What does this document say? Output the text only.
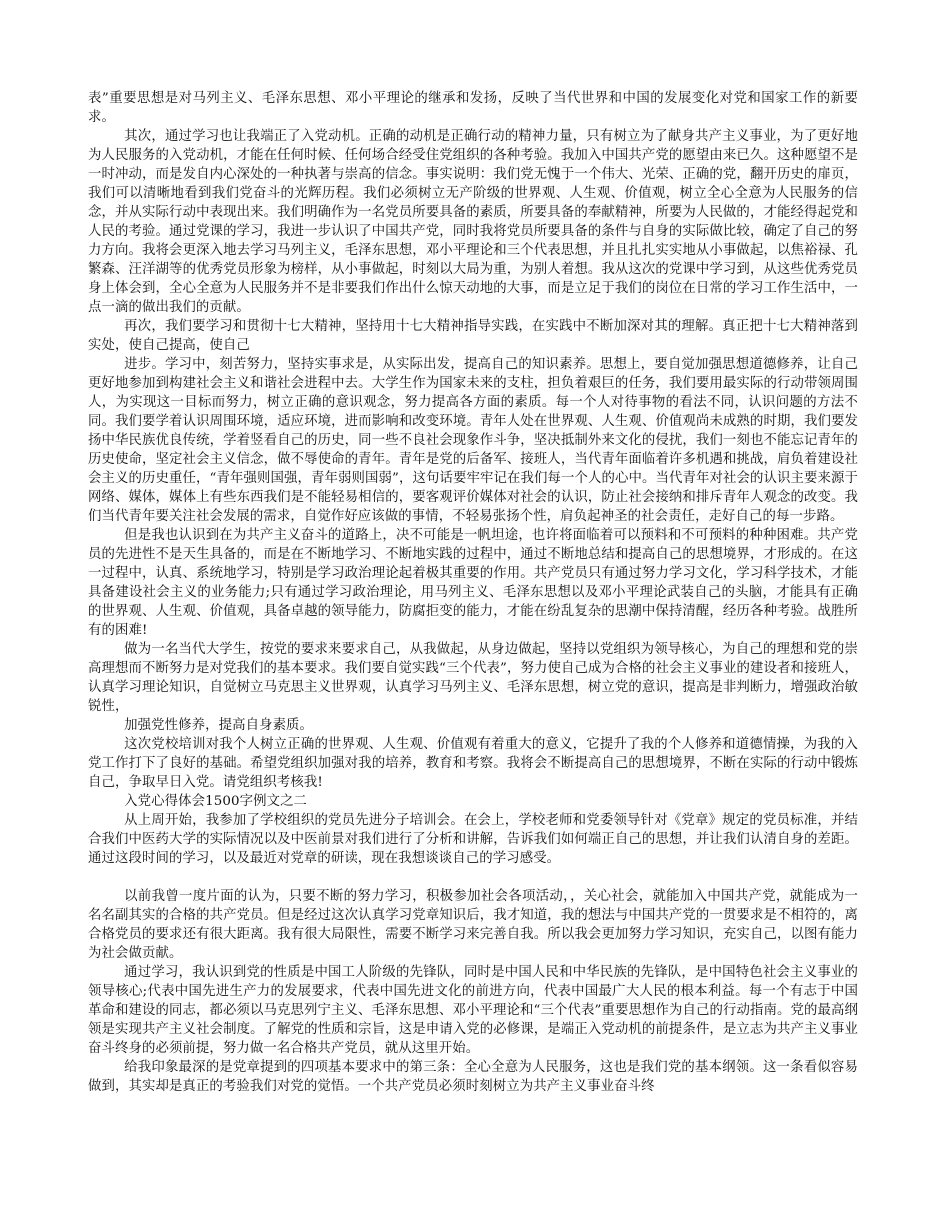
表”重要思想是对马列主义、毛泽东思想、邓小平理论的继承和发扬，反映了当代世界和中国的发展变化对党和国家工作的新要求。

其次，通过学习也让我端正了入党动机。正确的动机是正确行动的精神力量，只有树立为了献身共产主义事业，为了更好地为人民服务的入党动机，才能在任何时候、任何场合经受住党组织的各种考验。我加入中国共产党的愿望由来已久。这种愿望不是一时冲动，而是发自内心深处的一种执著与崇高的信念。事实说明：我们党无愧于一个伟大、光荣、正确的党，翻开历史的扉页，我们可以清晰地看到我们党奋斗的光辉历程。我们必须树立无产阶级的世界观、人生观、价值观，树立全心全意为人民服务的信念，并从实际行动中表现出来。我们明确作为一名党员所要具备的素质，所要具备的奉献精神，所要为人民做的，才能经得起党和人民的考验。通过党课的学习，我进一步认识了中国共产党，同时我将党员所要具备的条件与自身的实际做比较，确定了自己的努力方向。我将会更深入地去学习马列主义，毛泽东思想，邓小平理论和三个代表思想，并且扎扎实实地从小事做起，以焦裕禄、孔繁森、汪洋湖等的优秀党员形象为榜样，从小事做起，时刻以大局为重，为别人着想。我从这次的党课中学习到，从这些优秀党员身上体会到，全心全意为人民服务并不是非要我们作出什么惊天动地的大事，而是立足于我们的岗位在日常的学习工作生活中，一点一滴的做出我们的贡献。

再次，我们要学习和贯彻十七大精神，坚持用十七大精神指导实践，在实践中不断加深对其的理解。真正把十七大精神落到实处，使自己提高，使自己

进步。学习中，刻苦努力，坚持实事求是，从实际出发，提高自己的知识素养。思想上，要自觉加强思想道德修养，让自己更好地参加到构建社会主义和谐社会进程中去。大学生作为国家未来的支柱，担负着艰巨的任务，我们要用最实际的行动带领周围人，为实现这一目标而努力，树立正确的意识观念，努力提高各方面的素质。每一个人对待事物的看法不同，认识问题的方法不同。我们要学着认识周围环境，适应环境，进而影响和改变环境。青年人处在世界观、人生观、价值观尚未成熟的时期，我们要发扬中华民族优良传统，学着竖看自己的历史，同一些不良社会现象作斗争，坚决抵制外来文化的侵扰，我们一刻也不能忘记青年的历史使命，坚定社会主义信念，做不辱使命的青年。青年是党的后备军、接班人，当代青年面临着许多机遇和挑战，肩负着建设社会主义的历史重任，“青年强则国强，青年弱则国弱”，这句话要牢牢记在我们每一个人的心中。当代青年对社会的认识主要来源于网络、媒体，媒体上有些东西我们是不能轻易相信的，要客观评价媒体对社会的认识，防止社会接纳和排斥青年人观念的改变。我们当代青年要关注社会发展的需求，自觉作好应该做的事情，不轻易张扬个性，肩负起神圣的社会责任，走好自己的每一步路。

但是我也认识到在为共产主义奋斗的道路上，决不可能是一帆坦途，也许将面临着可以预料和不可预料的种种困难。共产党员的先进性不是天生具备的，而是在不断地学习、不断地实践的过程中，通过不断地总结和提高自己的思想境界，才形成的。在这一过程中，认真、系统地学习，特别是学习政治理论起着极其重要的作用。共产党员只有通过努力学习文化，学习科学技术，才能具备建设社会主义的业务能力;只有通过学习政治理论，用马列主义、毛泽东思想以及邓小平理论武装自己的头脑，才能具有正确的世界观、人生观、价值观，具备卓越的领导能力，防腐拒变的能力，才能在纷乱复杂的思潮中保持清醒，经历各种考验。战胜所有的困难!

做为一名当代大学生，按党的要求来要求自己，从我做起，从身边做起，坚持以党组织为领导核心，为自己的理想和党的崇高理想而不断努力是对党我们的基本要求。我们要自觉实践“三个代表”，努力使自己成为合格的社会主义事业的建设者和接班人，认真学习理论知识，自觉树立马克思主义世界观，认真学习马列主义、毛泽东思想，树立党的意识，提高是非判断力，增强政治敏锐性，

加强党性修养，提高自身素质。

这次党校培训对我个人树立正确的世界观、人生观、价值观有着重大的意义，它提升了我的个人修养和道德情操，为我的入党工作打下了良好的基础。希望党组织加强对我的培养，教育和考察。我将会不断提高自己的思想境界，不断在实际的行动中锻炼自己，争取早日入党。请党组织考核我!

入党心得体会1500字例文之二

从上周开始，我参加了学校组织的党员先进分子培训会。在会上，学校老师和党委领导针对《党章》规定的党员标准，并结合我们中医药大学的实际情况以及中医前景对我们进行了分析和讲解，告诉我们如何端正自己的思想，并让我们认清自身的差距。通过这段时间的学习，以及最近对党章的研读，现在我想谈谈自己的学习感受。

以前我曾一度片面的认为，只要不断的努力学习，积极参加社会各项活动，，关心社会，就能加入中国共产党，就能成为一名名副其实的合格的共产党员。但是经过这次认真学习党章知识后，我才知道，我的想法与中国共产党的一贯要求是不相符的，离合格党员的要求还有很大距离。我有很大局限性，需要不断学习来完善自我。所以我会更加努力学习知识，充实自己，以图有能力为社会做贡献。

通过学习，我认识到党的性质是中国工人阶级的先锋队，同时是中国人民和中华民族的先锋队，是中国特色社会主义事业的领导核心;代表中国先进生产力的发展要求，代表中国先进文化的前进方向，代表中国最广大人民的根本利益。每一个有志于中国革命和建设的同志，都必须以马克思列宁主义、毛泽东思想、邓小平理论和“三个代表”重要思想作为自己的行动指南。党的最高纲领是实现共产主义社会制度。了解党的性质和宗旨，这是申请入党的必修课，是端正入党动机的前提条件，是立志为共产主义事业奋斗终身的必须前提，努力做一名合格共产党员，就从这里开始。

给我印象最深的是党章提到的四项基本要求中的第三条：全心全意为人民服务，这也是我们党的基本纲领。这一条看似容易做到，其实却是真正的考验我们对党的觉悟。一个共产党员必须时刻树立为共产主义事业奋斗终
